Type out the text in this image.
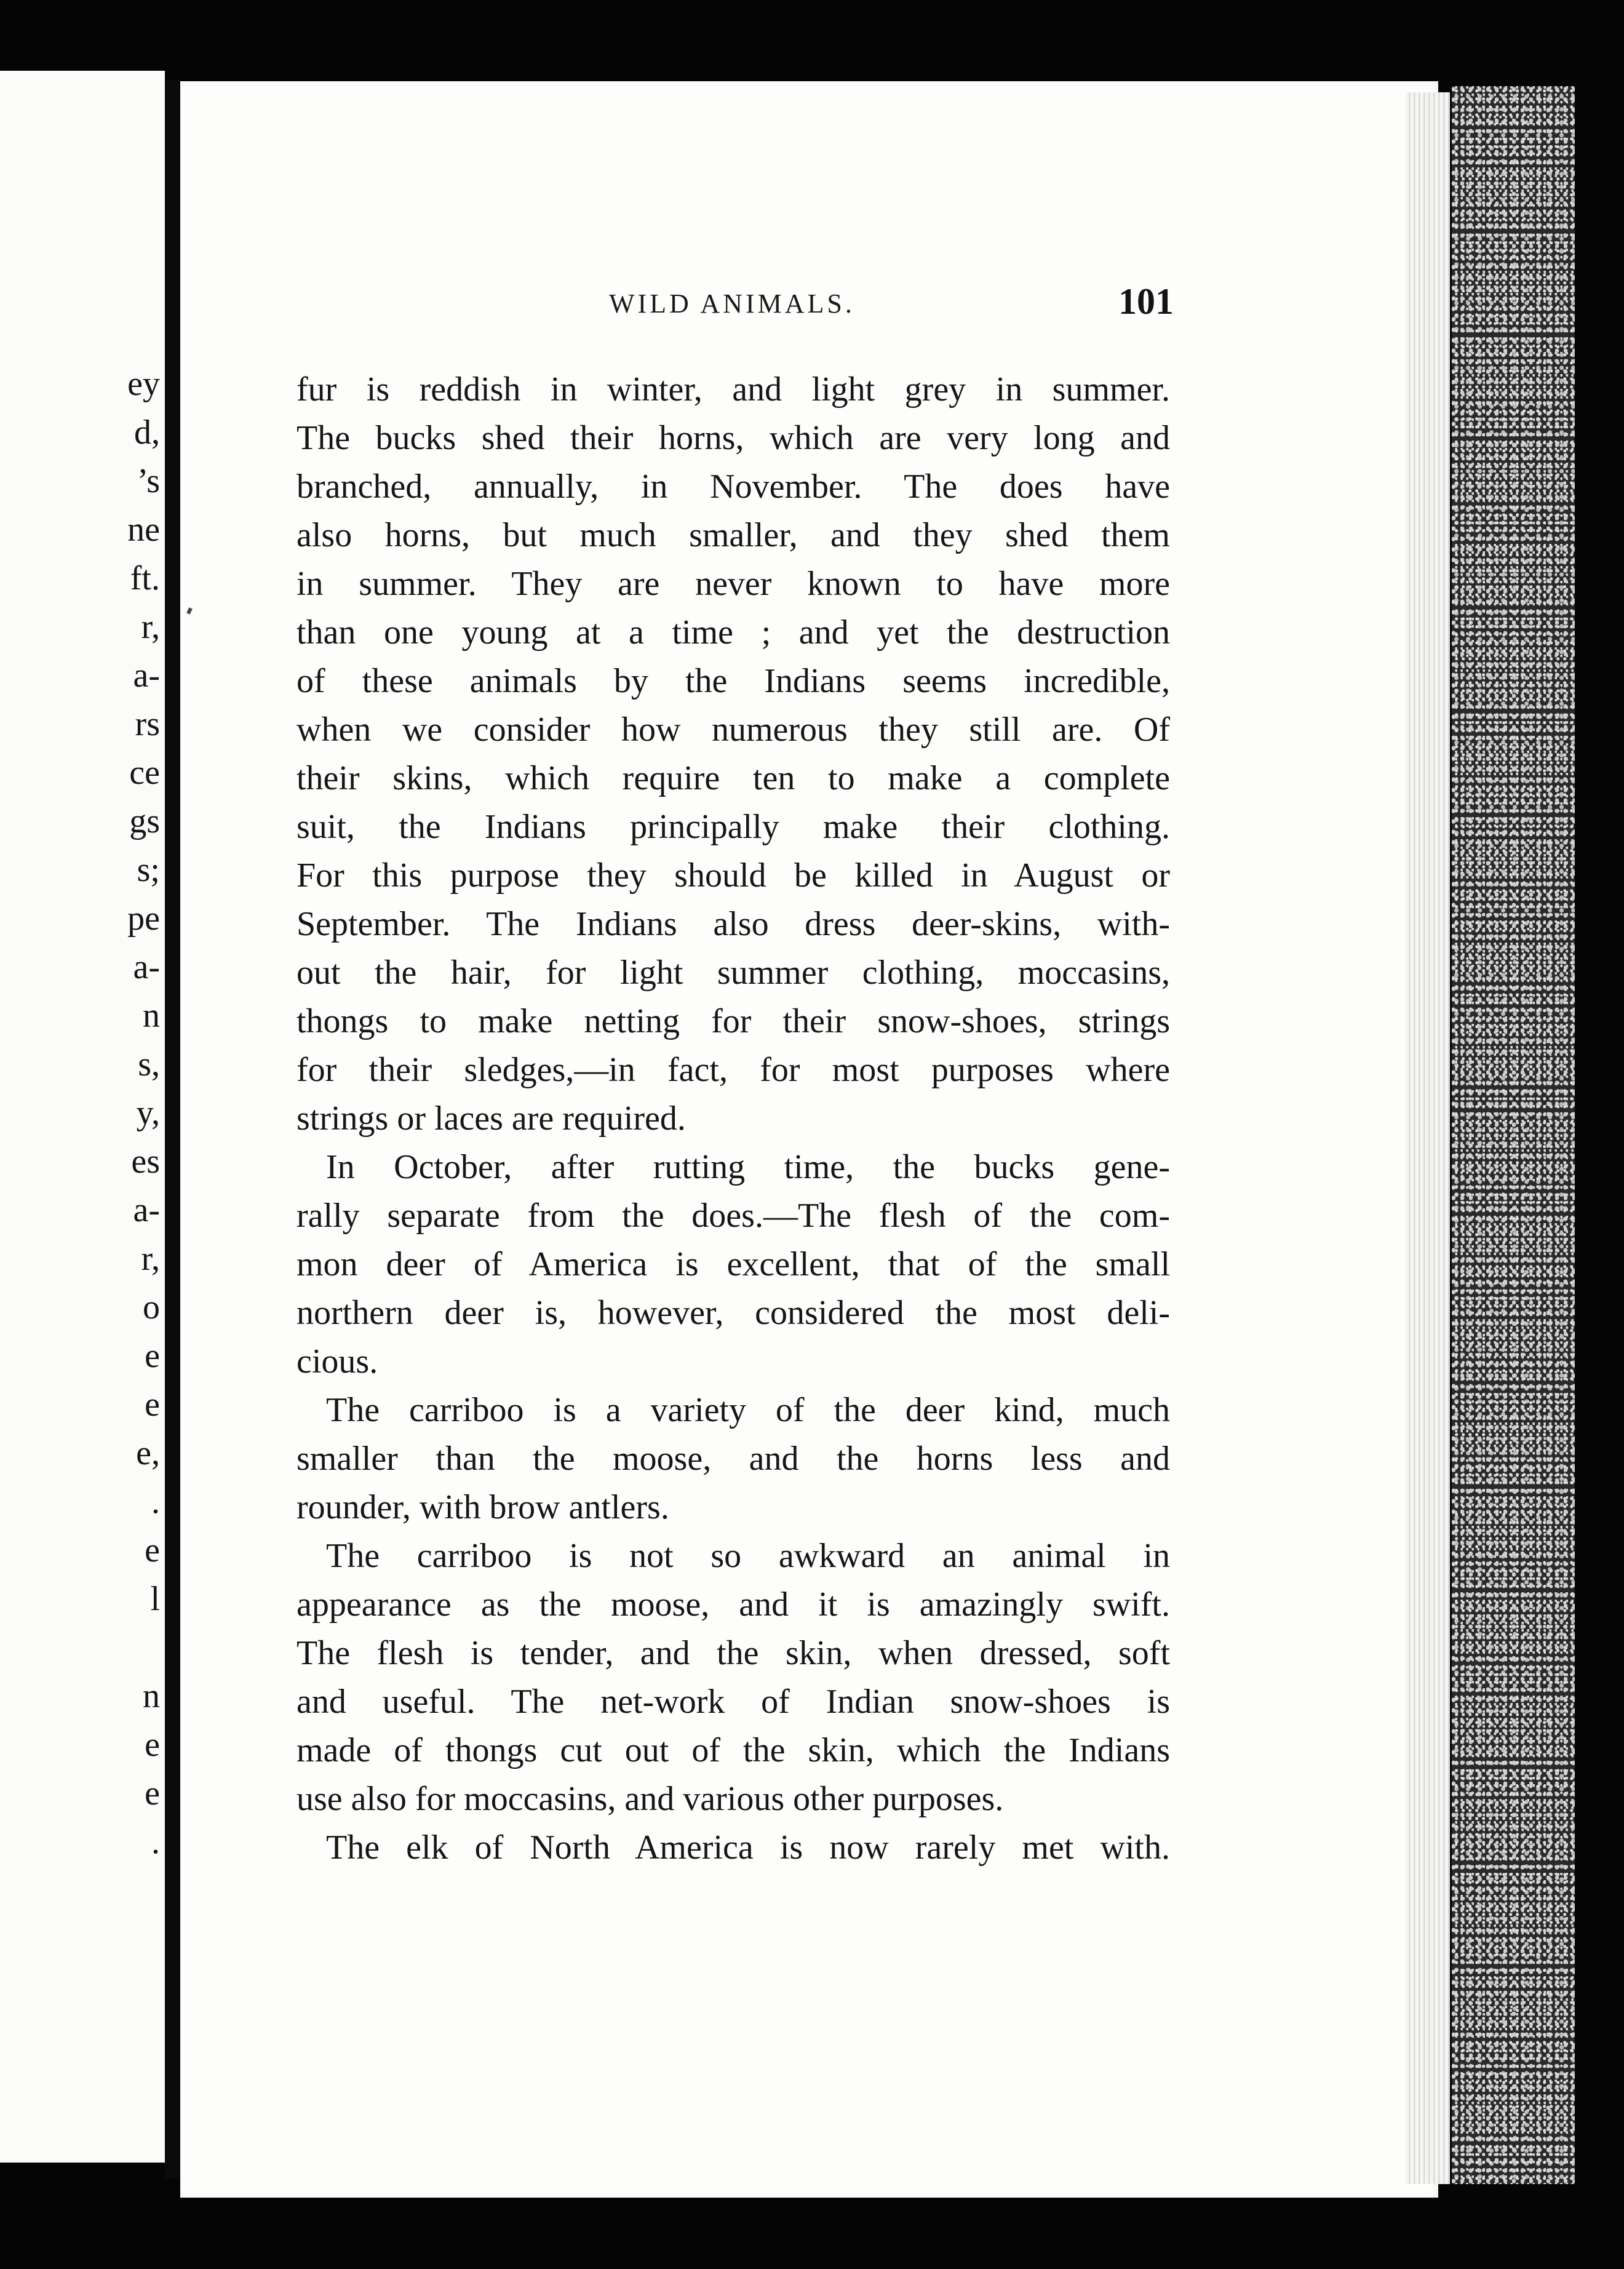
ey
d,
’s
ne
ft.
r,
a-
rs
ce
gs
s;
pe
a-
n
s,
y,
es
a-
r,
o
e
e
e,
.
e
l
n
e
e
.
WILD ANIMALS.	101
fur is reddish in winter, and light grey in summer.
The bucks shed their horns, which are very long and
branched, annually, in November. The does have
also horns, but much smaller, and they shed them
in summer. They are never known to have more
than one young at a time ; and yet the destruction
of these animals by the Indians seems incredible,
when we consider how numerous they still are. Of
their skins, which require ten to make a complete
suit, the Indians principally make their clothing.
For this purpose they should be killed in August or
September. The Indians also dress deer-skins, with-
out the hair, for light summer clothing, moccasins,
thongs to make netting for their snow-shoes, strings
for their sledges,—in fact, for most purposes where
strings or laces are required.
In October, after rutting time, the bucks gene-
rally separate from the does.—The flesh of the com-
mon deer of America is excellent, that of the small
northern deer is, however, considered the most deli-
cious.
The carriboo is a variety of the deer kind, much
smaller than the moose, and the horns less and
rounder, with brow antlers.
The carriboo is not so awkward an animal in
appearance as the moose, and it is amazingly swift.
The flesh is tender, and the skin, when dressed, soft
and useful. The net-work of Indian snow-shoes is
made of thongs cut out of the skin, which the Indians
use also for moccasins, and various other purposes.
The elk of North America is now rarely met with.
